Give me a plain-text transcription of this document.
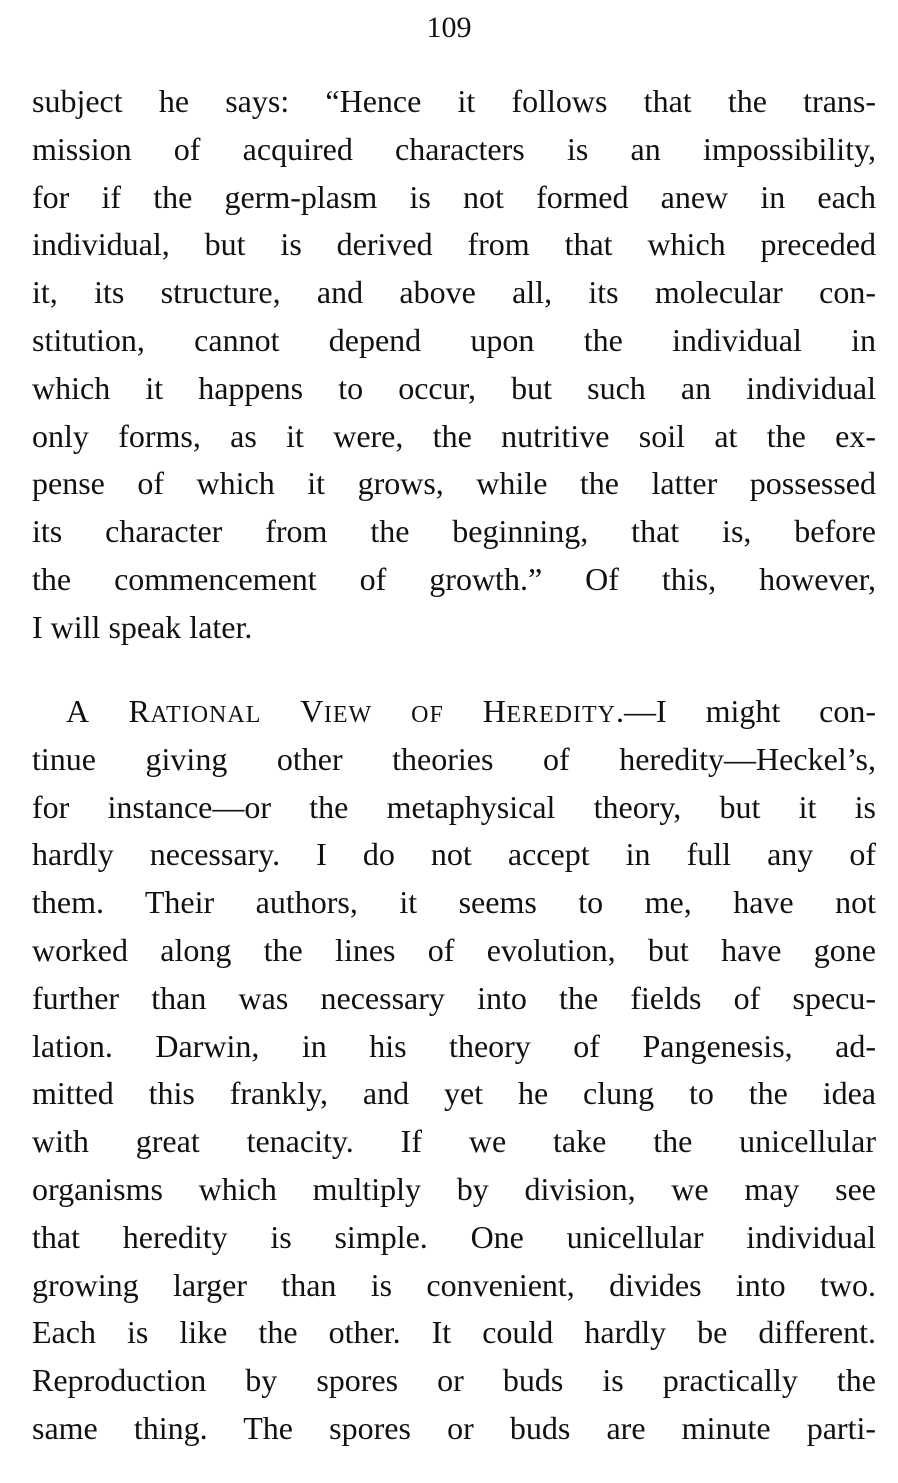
109
subject he says: “Hence it follows that the trans-
mission of acquired characters is an impossibility,
for if the germ-plasm is not formed anew in each
individual, but is derived from that which preceded
it, its structure, and above all, its molecular con-
stitution, cannot depend upon the individual in
which it happens to occur, but such an individual
only forms, as it were, the nutritive soil at the ex-
pense of which it grows, while the latter possessed
its character from the beginning, that is, before
the commencement of growth.” Of this, however,
I will speak later.
A RATIONAL VIEW OF HEREDITY.—I might con-
tinue giving other theories of heredity—Heckel’s,
for instance—or the metaphysical theory, but it is
hardly necessary. I do not accept in full any of
them. Their authors, it seems to me, have not
worked along the lines of evolution, but have gone
further than was necessary into the fields of specu-
lation. Darwin, in his theory of Pangenesis, ad-
mitted this frankly, and yet he clung to the idea
with great tenacity. If we take the unicellular
organisms which multiply by division, we may see
that heredity is simple. One unicellular individual
growing larger than is convenient, divides into two.
Each is like the other. It could hardly be different.
Reproduction by spores or buds is practically the
same thing. The spores or buds are minute parti-
